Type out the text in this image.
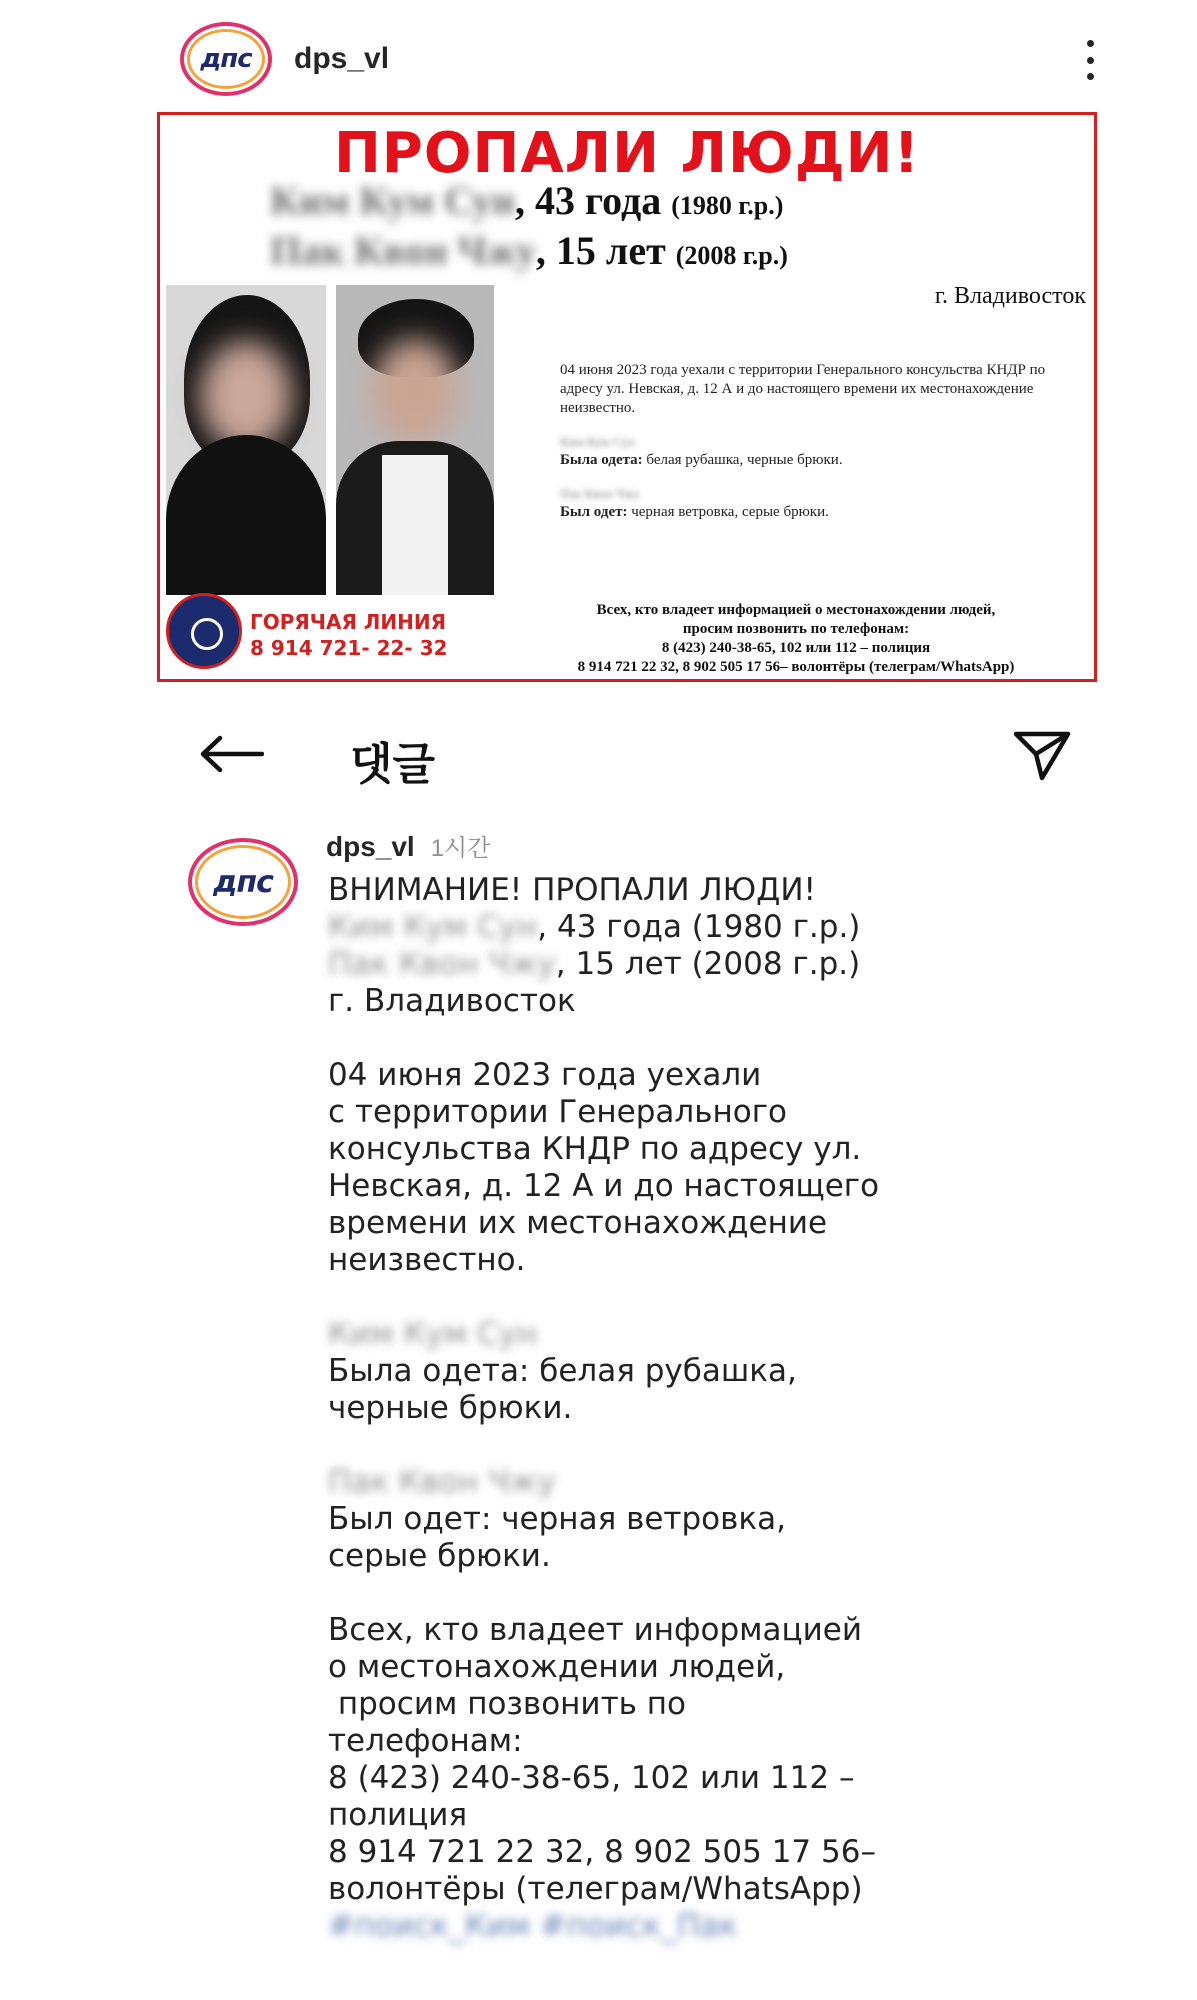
дпс dps_vl
ПРОПАЛИ ЛЮДИ!
Ким Кум Сун, 43 года (1980 г.р.)
Пак Квон Чжу, 15 лет (2008 г.р.)
г. Владивосток
04 июня 2023 года уехали с территории Генерального консульства КНДР по адресу ул. Невская, д. 12 А и до настоящего времени их местонахождение неизвестно.
Ким Кум Сун
Была одета: белая рубашка, черные брюки.
Пак Квон Чжу
Был одет: черная ветровка, серые брюки.
ГОРЯЧАЯ ЛИНИЯ
8 914 721- 22- 32
Всех, кто владеет информацией о местонахождении людей,
просим позвонить по телефонам:
8 (423) 240-38-65, 102 или 112 – полиция
8 914 721 22 32, 8 902 505 17 56– волонтёры (телеграм/WhatsApp)
댓글
дпс
dps_vl 1시간
ВНИМАНИЕ! ПРОПАЛИ ЛЮДИ!
Ким Кум Сун, 43 года (1980 г.р.)
Пак Квон Чжу, 15 лет (2008 г.р.)
г. Владивосток

04 июня 2023 года уехали
с территории Генерального
консульства КНДР по адресу ул.
Невская, д. 12 А и до настоящего
времени их местонахождение
неизвестно.

Ким Кум Сун
Была одета: белая рубашка,
черные брюки.

Пак Квон Чжу
Был одет: черная ветровка,
серые брюки.

Всех, кто владеет информацией
о местонахождении людей,
просим позвонить по
телефонам:
8 (423) 240-38-65, 102 или 112 –
полиция
8 914 721 22 32, 8 902 505 17 56–
волонтёры (телеграм/WhatsApp)
#поиск_Ким #поиск_Пак
